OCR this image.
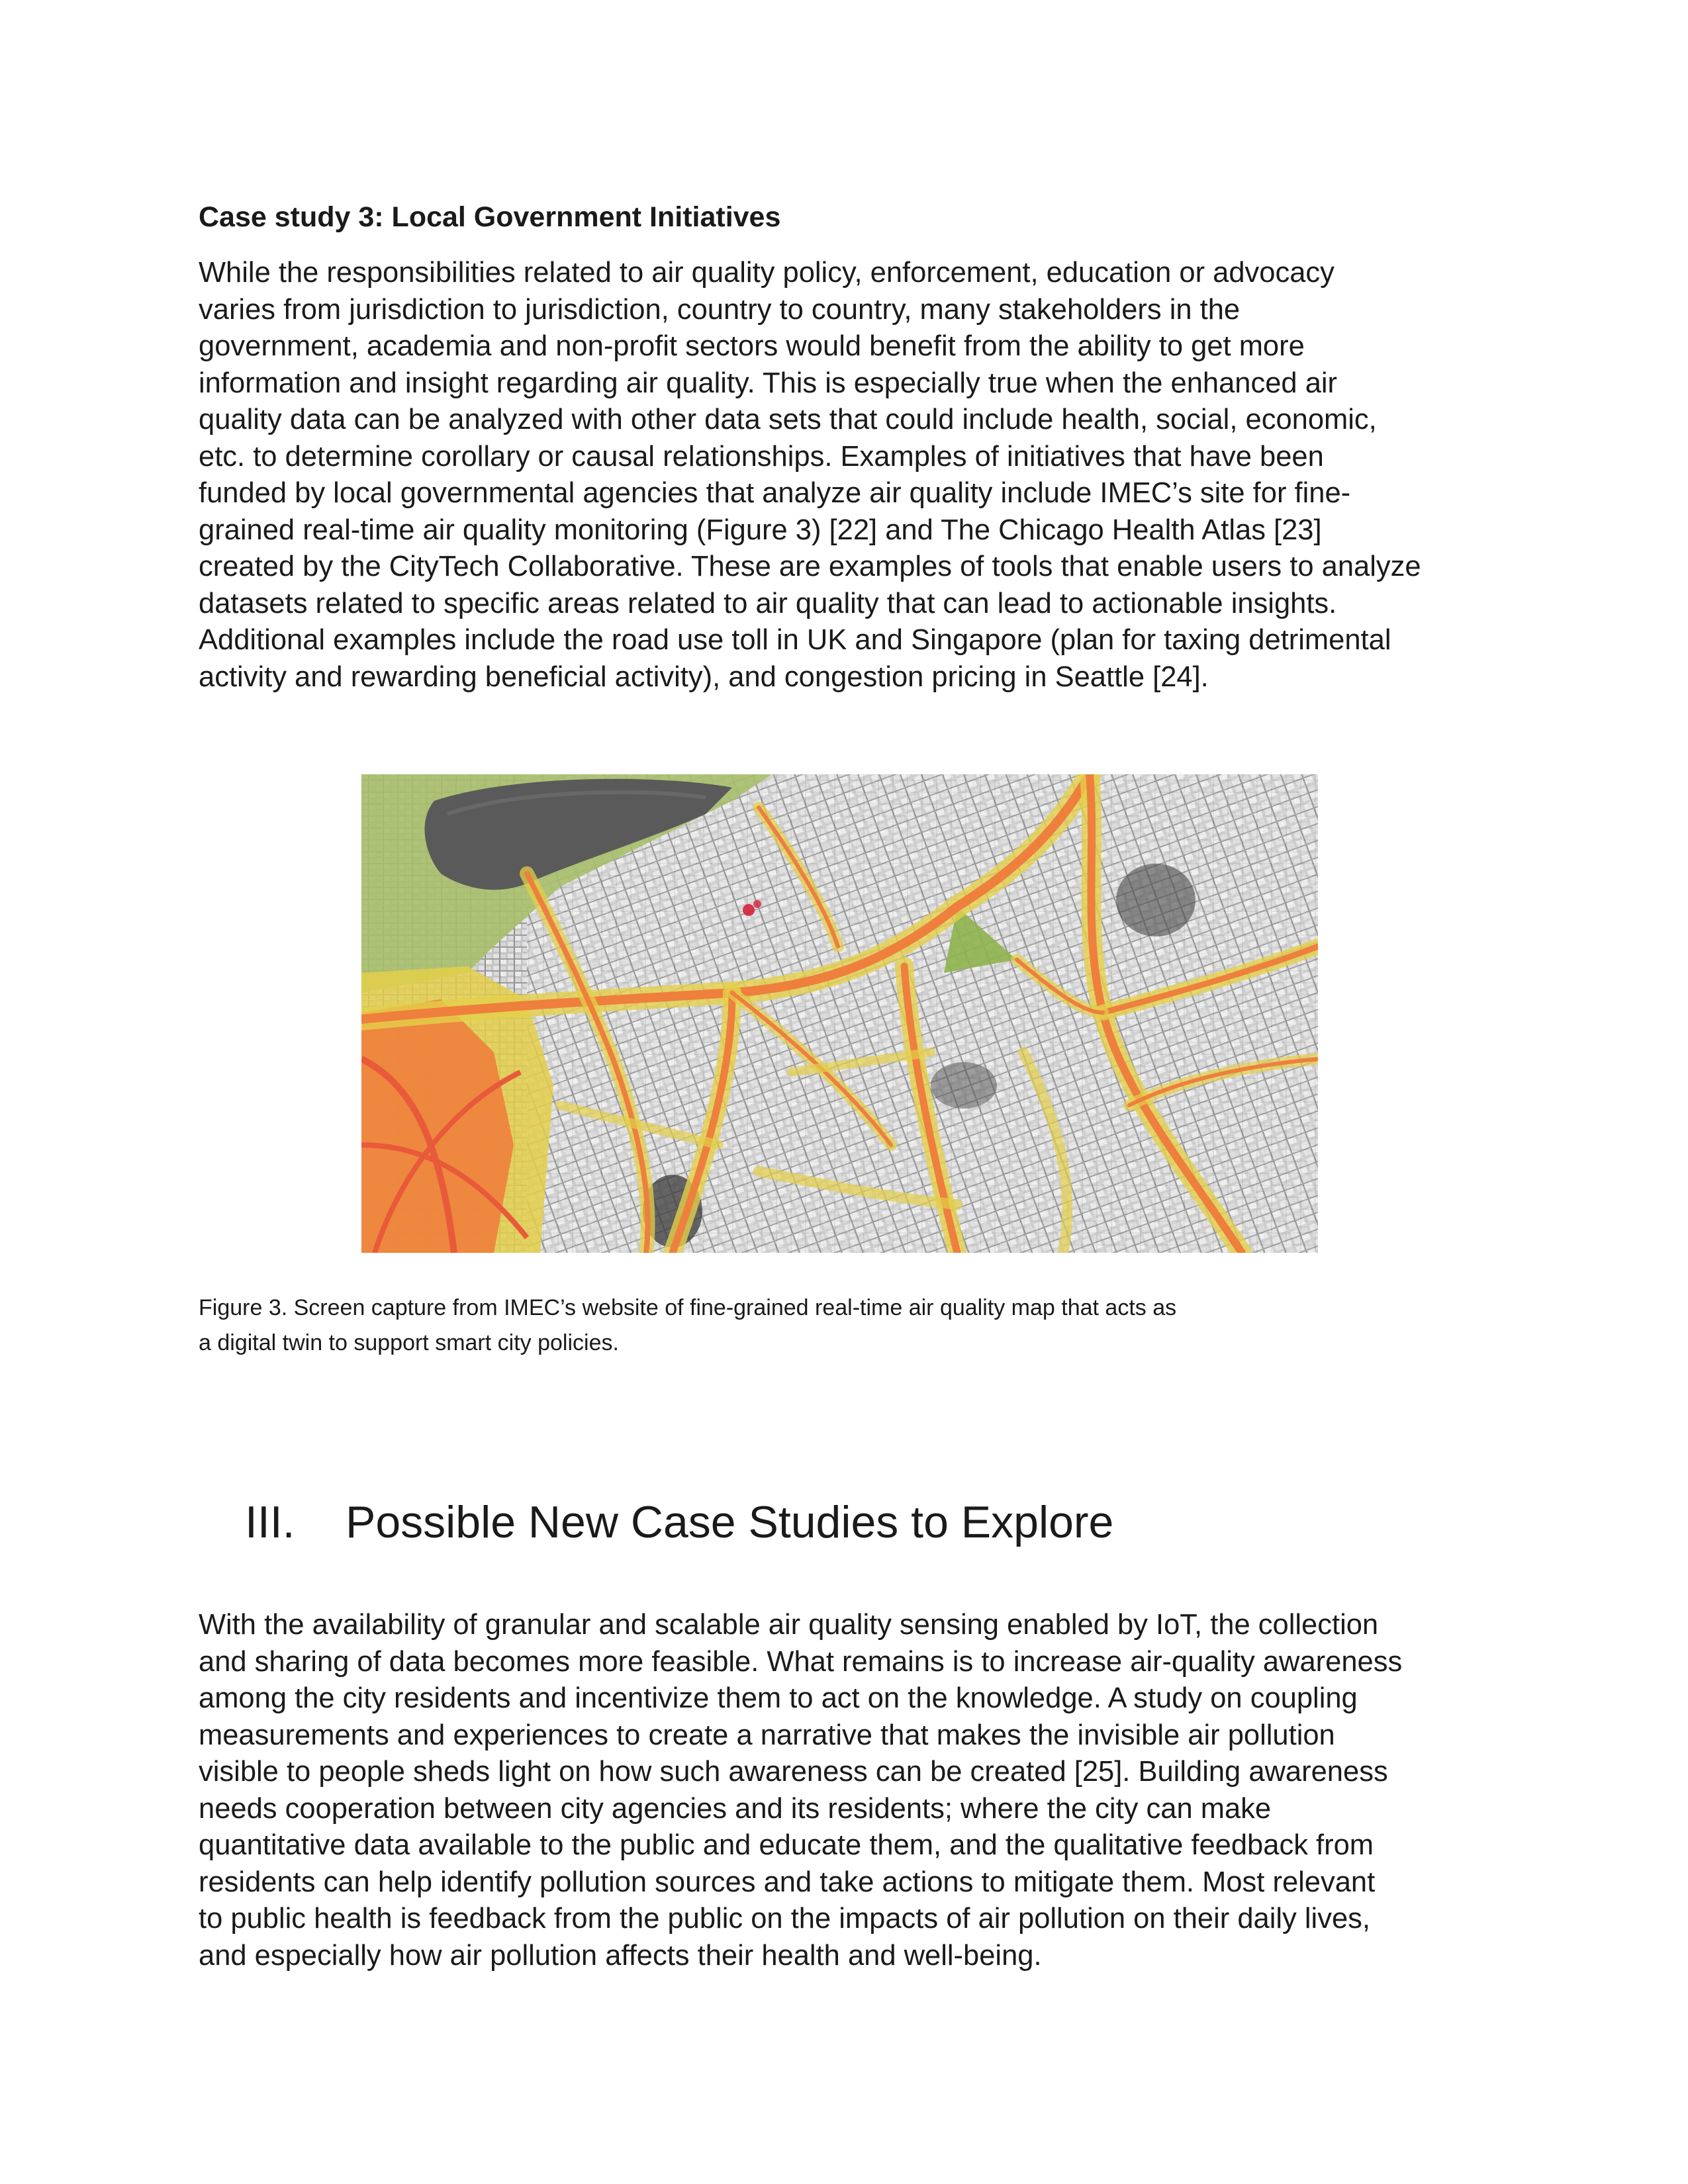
Case study 3: Local Government Initiatives
While the responsibilities related to air quality policy, enforcement, education or advocacy
varies from jurisdiction to jurisdiction, country to country, many stakeholders in the
government, academia and non-profit sectors would benefit from the ability to get more
information and insight regarding air quality. This is especially true when the enhanced air
quality data can be analyzed with other data sets that could include health, social, economic,
etc. to determine corollary or causal relationships. Examples of initiatives that have been
funded by local governmental agencies that analyze air quality include IMEC’s site for fine-
grained real-time air quality monitoring (Figure 3) [22] and The Chicago Health Atlas [23]
created by the CityTech Collaborative. These are examples of tools that enable users to analyze
datasets related to specific areas related to air quality that can lead to actionable insights.
Additional examples include the road use toll in UK and Singapore (plan for taxing detrimental
activity and rewarding beneficial activity), and congestion pricing in Seattle [24].
Figure 3. Screen capture from IMEC’s website of fine-grained real-time air quality map that acts as
a digital twin to support smart city policies.
III. Possible New Case Studies to Explore
With the availability of granular and scalable air quality sensing enabled by IoT, the collection
and sharing of data becomes more feasible. What remains is to increase air-quality awareness
among the city residents and incentivize them to act on the knowledge. A study on coupling
measurements and experiences to create a narrative that makes the invisible air pollution
visible to people sheds light on how such awareness can be created [25]. Building awareness
needs cooperation between city agencies and its residents; where the city can make
quantitative data available to the public and educate them, and the qualitative feedback from
residents can help identify pollution sources and take actions to mitigate them. Most relevant
to public health is feedback from the public on the impacts of air pollution on their daily lives,
and especially how air pollution affects their health and well-being.
